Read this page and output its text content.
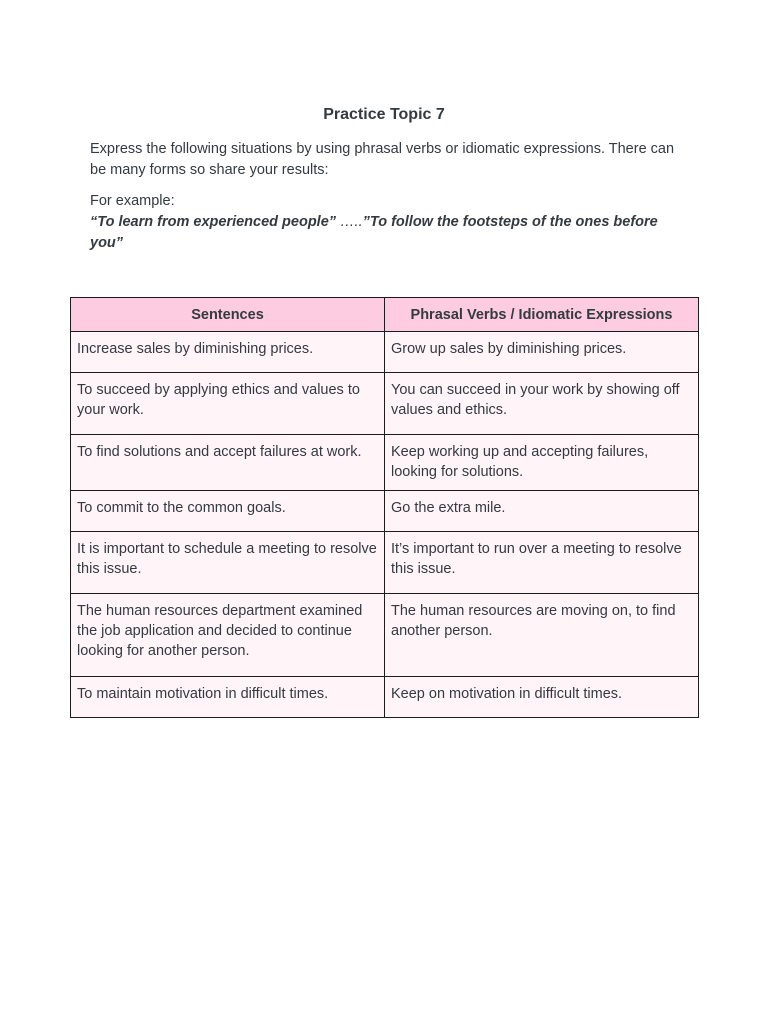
Practice Topic 7

Express the following situations by using phrasal verbs or idiomatic expressions. There can be many forms so share your results:

For example:

“To learn from experienced people” …..”To follow the footsteps of the ones before you”

Sentences	Phrasal Verbs / Idiomatic Expressions
Increase sales by diminishing prices.	Grow up sales by diminishing prices.
To succeed by applying ethics and values to your work.	You can succeed in your work by showing off values and ethics.
To find solutions and accept failures at work.	Keep working up and accepting failures, looking for solutions.
To commit to the common goals.	Go the extra mile.
It is important to schedule a meeting to resolve this issue.	It’s important to run over a meeting to resolve this issue.
The human resources department examined the job application and decided to continue looking for another person.	The human resources are moving on, to find another person.
To maintain motivation in difficult times.	Keep on motivation in difficult times.
